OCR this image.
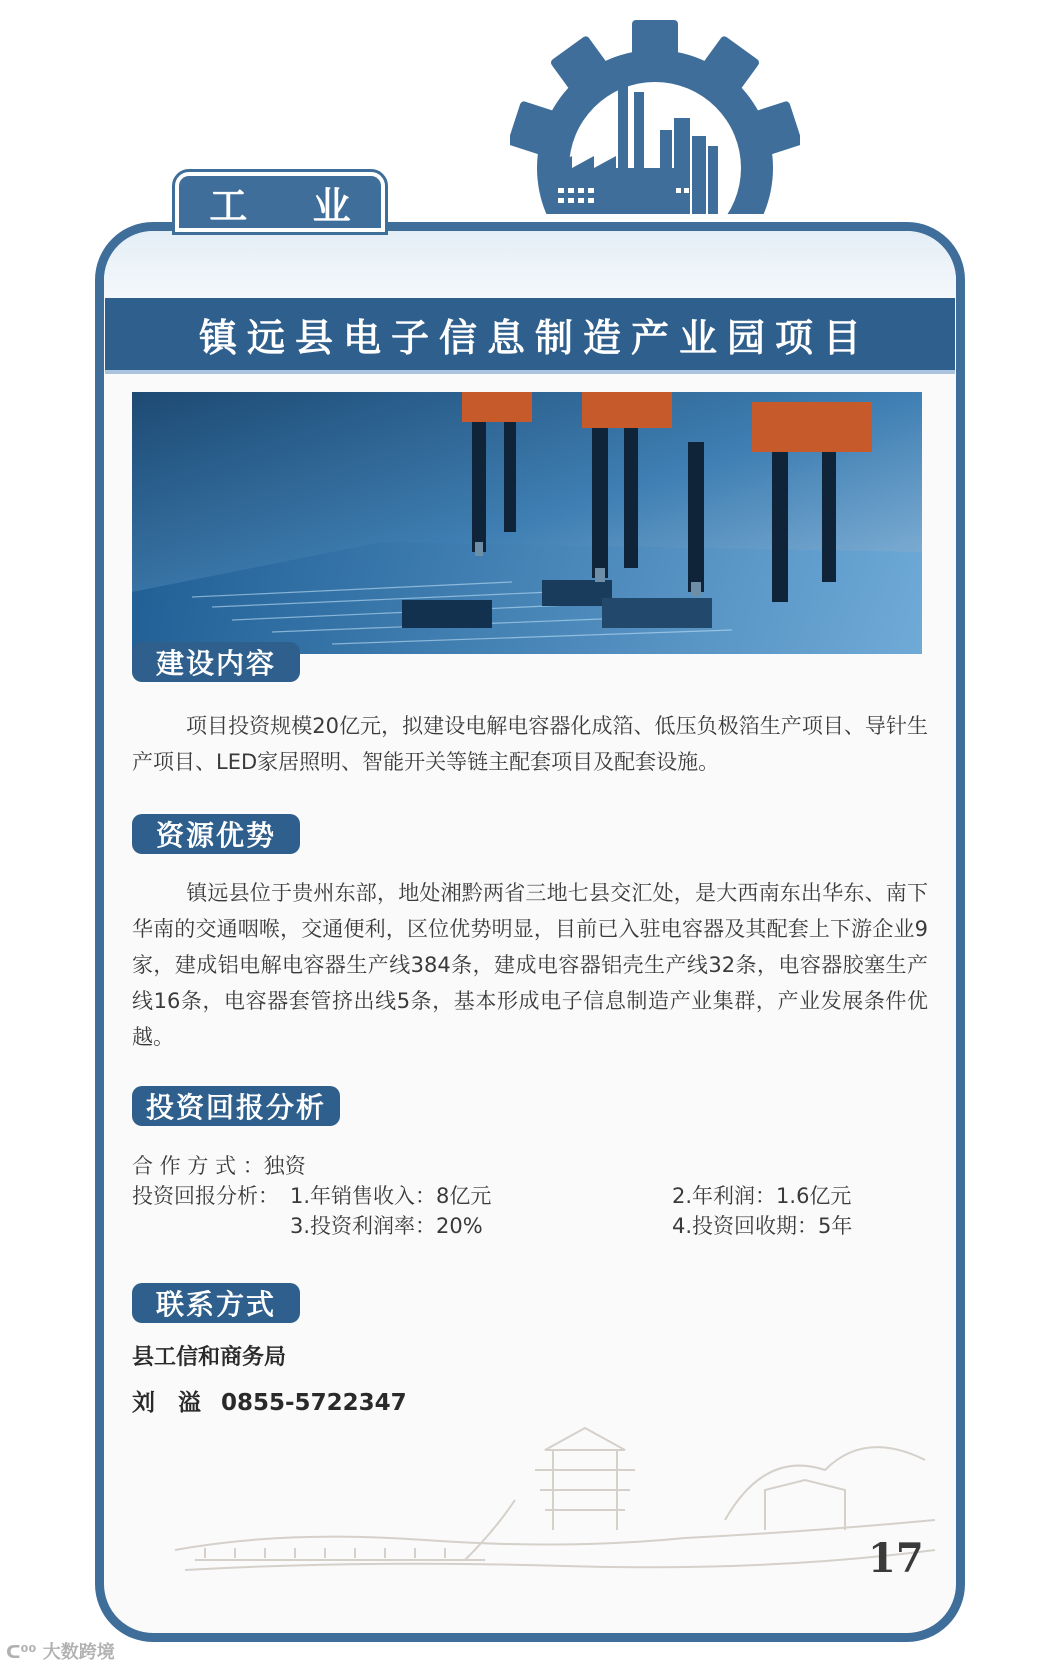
工 业
镇远县电子信息制造产业园项目
建设内容
项目投资规模20亿元，拟建设电解电容器化成箔、低压负极箔生产项目、导针生产项目、LED家居照明、智能开关等链主配套项目及配套设施。
资源优势
镇远县位于贵州东部，地处湘黔两省三地七县交汇处，是大西南东出华东、南下华南的交通咽喉，交通便利，区位优势明显，目前已入驻电容器及其配套上下游企业9家，建成铝电解电容器生产线384条，建成电容器铝壳生产线32条，电容器胶塞生产线16条，电容器套管挤出线5条，基本形成电子信息制造产业集群，产业发展条件优越。
投资回报分析
合 作 方 式 ：独资
投资回报分析： 1.年销售收入：8亿元	2.年利润：1.6亿元
3.投资利润率：20%	4.投资回收期：5年
联系方式
县工信和商务局
刘　溢 0855-5722347
17
ᑕ⁰⁰ 大数跨境
